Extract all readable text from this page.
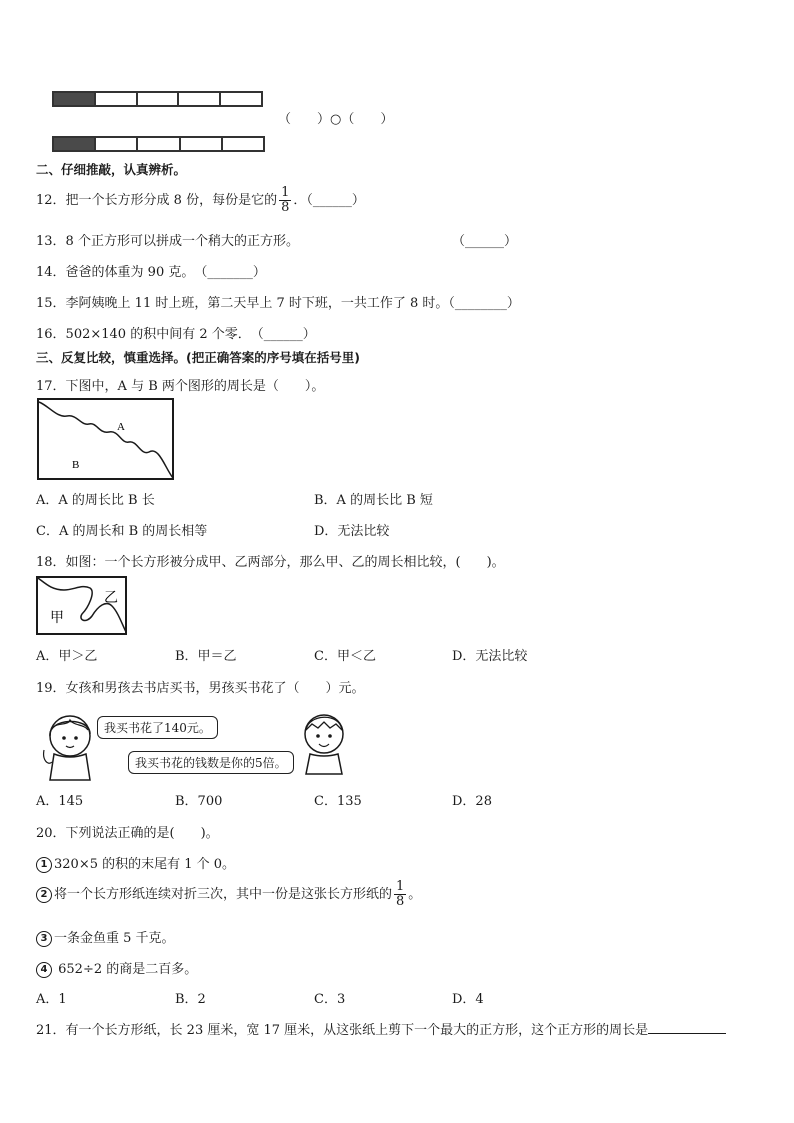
（　　）○（　　）
二、仔细推敲，认真辨析。
12．把一个长方形分成 8 份，每份是它的 $\frac{1}{8}$ ．（______）
13．8 个正方形可以拼成一个稍大的正方形。	（______）
14．爸爸的体重为 90 克。　（_______）
15．李阿姨晚上 11 时上班，第二天早上 7 时下班，一共工作了 8 时。（________）
16．502×140 的积中间有 2 个零．　（______）
三、反复比较，慎重选择。(把正确答案的序号填在括号里)
17．下图中，A 与 B 两个图形的周长是（　　）。
A
B
A．A 的周长比 B 长	B．A 的周长比 B 短
C．A 的周长和 B 的周长相等	D．无法比较
18．如图：一个长方形被分成甲、乙两部分，那么甲、乙的周长相比较，(　　)。
甲
乙
A．甲＞乙	B．甲＝乙	C．甲＜乙	D．无法比较
19．女孩和男孩去书店买书，男孩买书花了（　　）元。
我买书花了140元。
我买书花的钱数是你的5倍。
A．145	B．700	C．135	D．28
20．下列说法正确的是(　　)。
1 320×5 的积的末尾有 1 个 0。
2 将一个长方形纸连续对折三次，其中一份是这张长方形纸的 $\frac{1}{8}$ 。
3 一条金鱼重 5 千克。
4 652÷2 的商是二百多。
A．1	B．2	C．3	D．4
21．有一个长方形纸，长 23 厘米，宽 17 厘米，从这张纸上剪下一个最大的正方形，这个正方形的周长是
